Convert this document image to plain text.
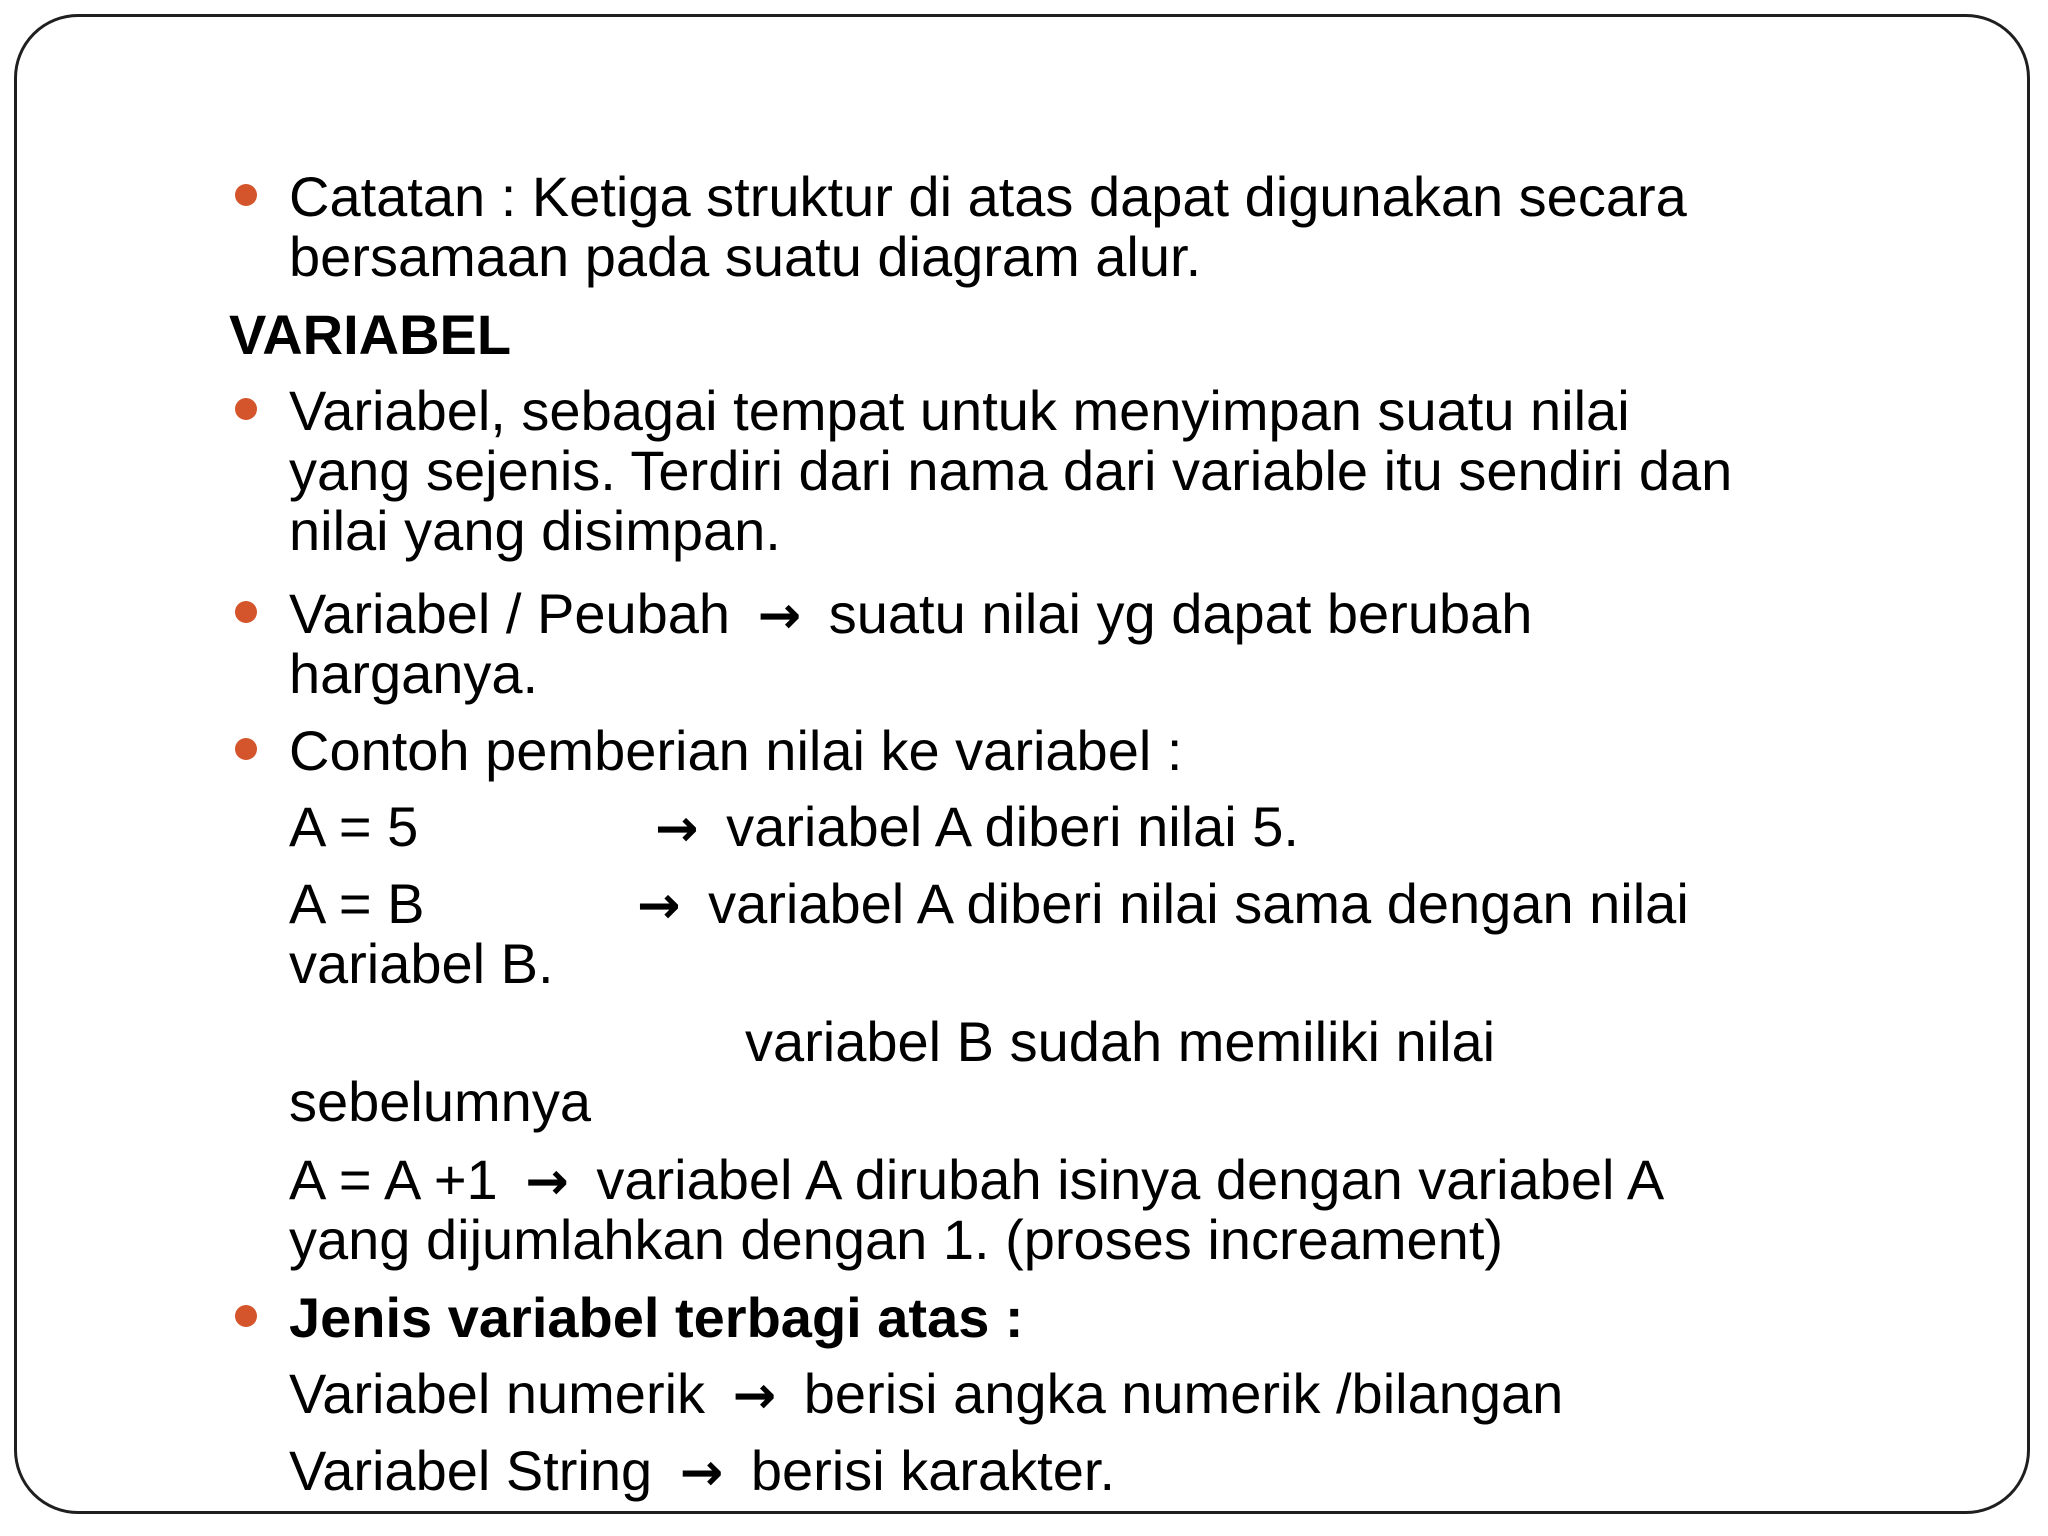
Catatan : Ketiga struktur di atas dapat digunakan secara
bersamaan pada suatu diagram alur.
VARIABEL
Variabel, sebagai tempat untuk menyimpan suatu nilai
yang sejenis. Terdiri dari nama dari variable itu sendiri dan
nilai yang disimpan.
Variabel / Peubah → suatu nilai yg dapat berubah
harganya.
Contoh pemberian nilai ke variabel :
A = 5	→ variabel A diberi nilai 5.
A = B	→ variabel A diberi nilai sama dengan nilai
variabel B.
variabel B sudah memiliki nilai
sebelumnya
A = A +1 → variabel A dirubah isinya dengan variabel A
yang dijumlahkan dengan 1. (proses increament)
Jenis variabel terbagi atas :
Variabel numerik → berisi angka numerik /bilangan
Variabel String → berisi karakter.
